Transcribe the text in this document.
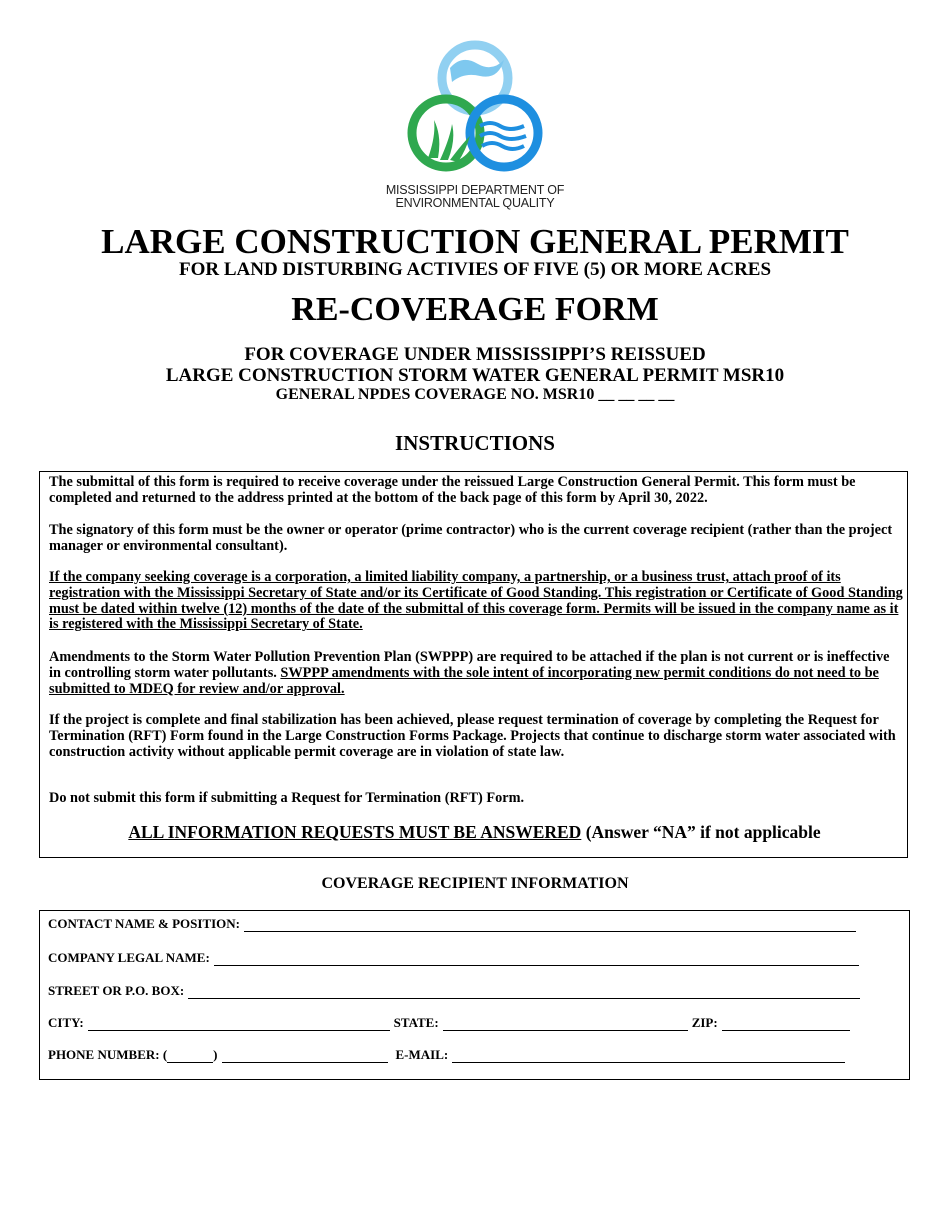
MISSISSIPPI DEPARTMENT OF
ENVIRONMENTAL QUALITY
LARGE CONSTRUCTION GENERAL PERMIT
FOR LAND DISTURBING ACTIVIES OF FIVE (5) OR MORE ACRES
RE-COVERAGE FORM
FOR COVERAGE UNDER MISSISSIPPI’S REISSUED
LARGE CONSTRUCTION STORM WATER GENERAL PERMIT MSR10
GENERAL NPDES COVERAGE NO. MSR10 __ __ __ __
INSTRUCTIONS
The submittal of this form is required to receive coverage under the reissued Large Construction General Permit. This form must be completed and returned to the address printed at the bottom of the back page of this form by April 30, 2022.
The signatory of this form must be the owner or operator (prime contractor) who is the current coverage recipient (rather than the project manager or environmental consultant).
If the company seeking coverage is a corporation, a limited liability company, a partnership, or a business trust, attach proof of its registration with the Mississippi Secretary of State and/or its Certificate of Good Standing. This registration or Certificate of Good Standing must be dated within twelve (12) months of the date of the submittal of this coverage form. Permits will be issued in the company name as it is registered with the Mississippi Secretary of State.
Amendments to the Storm Water Pollution Prevention Plan (SWPPP) are required to be attached if the plan is not current or is ineffective in controlling storm water pollutants. SWPPP amendments with the sole intent of incorporating new permit conditions do not need to be submitted to MDEQ for review and/or approval.
If the project is complete and final stabilization has been achieved, please request termination of coverage by completing the Request for Termination (RFT) Form found in the Large Construction Forms Package. Projects that continue to discharge storm water associated with construction activity without applicable permit coverage are in violation of state law.
Do not submit this form if submitting a Request for Termination (RFT) Form.
ALL INFORMATION REQUESTS MUST BE ANSWERED (Answer “NA” if not applicable
COVERAGE RECIPIENT INFORMATION
CONTACT NAME & POSITION:
COMPANY LEGAL NAME:
STREET OR P.O. BOX:
CITY:	STATE:	ZIP:
PHONE NUMBER: (	)	E-MAIL:
